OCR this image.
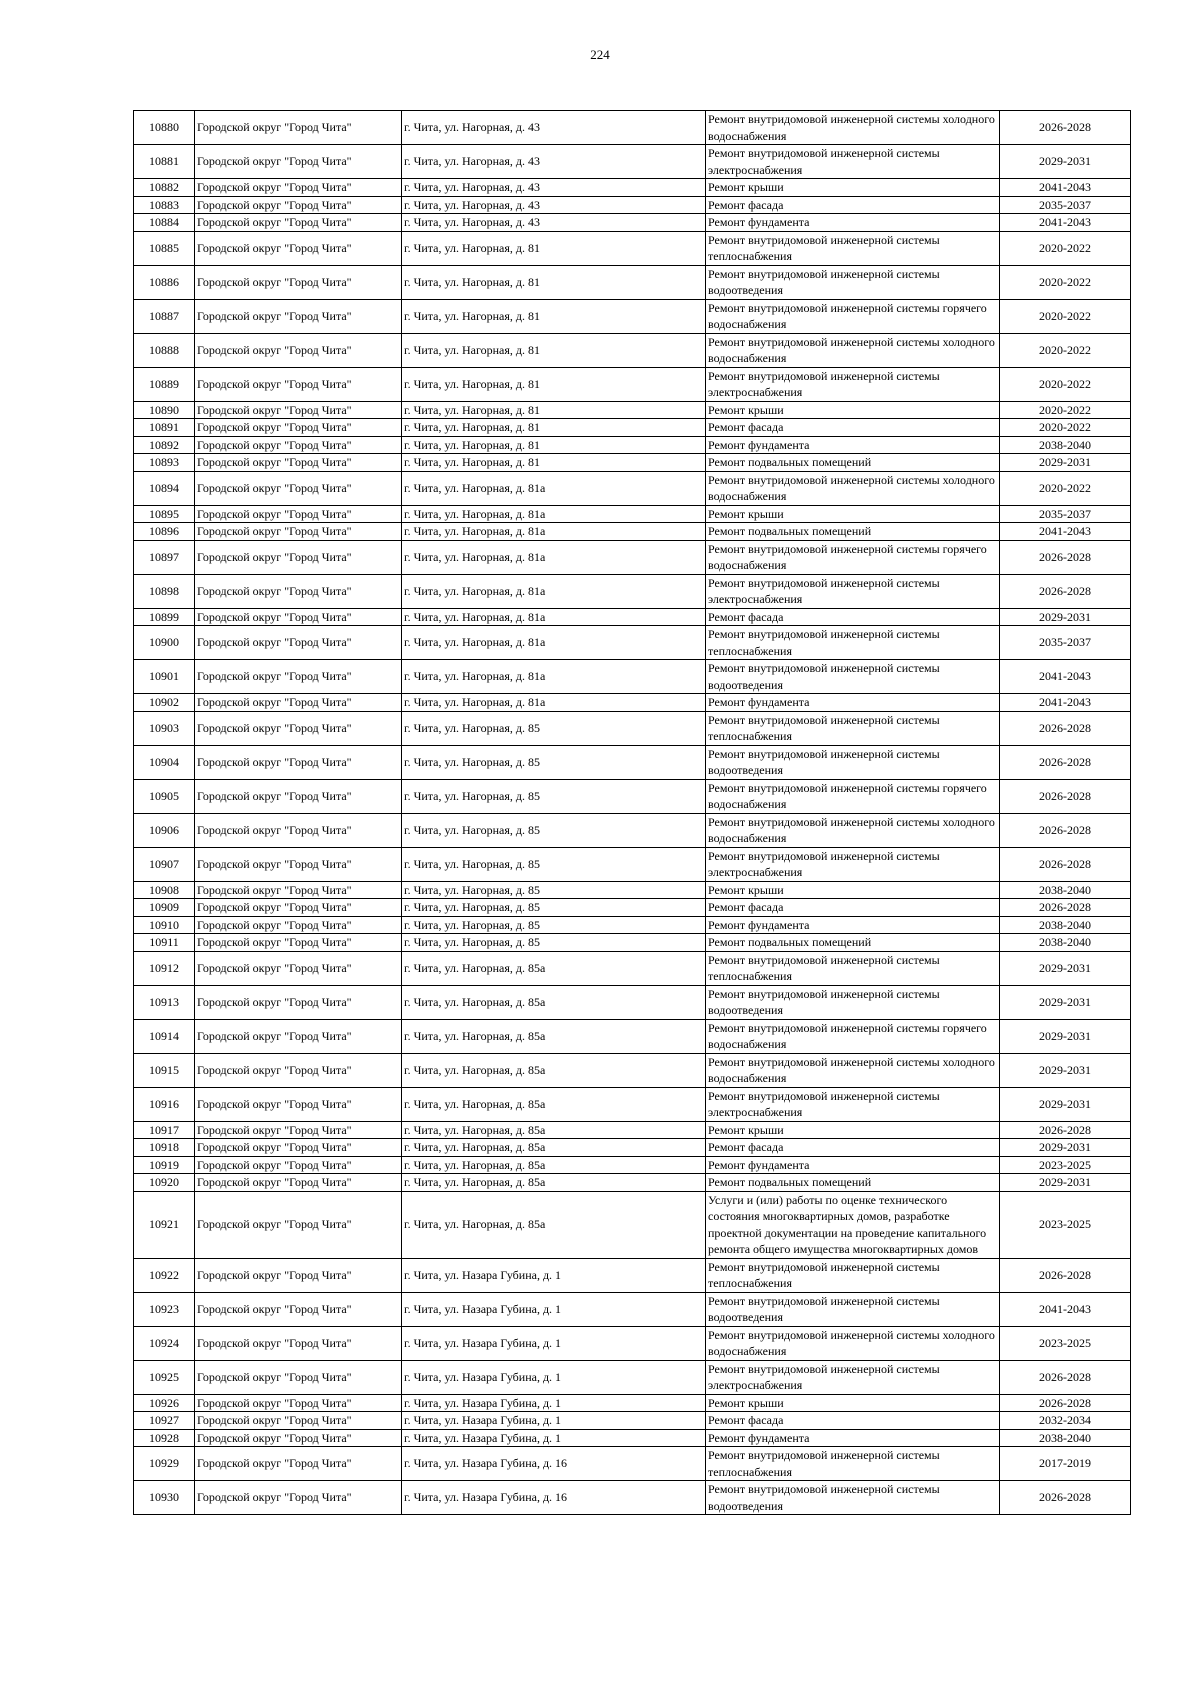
224
10880	Городской округ "Город Чита"	г. Чита, ул. Нагорная, д. 43	Ремонт внутридомовой инженерной системы холодного водоснабжения	2026-2028
10881	Городской округ "Город Чита"	г. Чита, ул. Нагорная, д. 43	Ремонт внутридомовой инженерной системы электроснабжения	2029-2031
10882	Городской округ "Город Чита"	г. Чита, ул. Нагорная, д. 43	Ремонт крыши	2041-2043
10883	Городской округ "Город Чита"	г. Чита, ул. Нагорная, д. 43	Ремонт фасада	2035-2037
10884	Городской округ "Город Чита"	г. Чита, ул. Нагорная, д. 43	Ремонт фундамента	2041-2043
10885	Городской округ "Город Чита"	г. Чита, ул. Нагорная, д. 81	Ремонт внутридомовой инженерной системы теплоснабжения	2020-2022
10886	Городской округ "Город Чита"	г. Чита, ул. Нагорная, д. 81	Ремонт внутридомовой инженерной системы водоотведения	2020-2022
10887	Городской округ "Город Чита"	г. Чита, ул. Нагорная, д. 81	Ремонт внутридомовой инженерной системы горячего водоснабжения	2020-2022
10888	Городской округ "Город Чита"	г. Чита, ул. Нагорная, д. 81	Ремонт внутридомовой инженерной системы холодного водоснабжения	2020-2022
10889	Городской округ "Город Чита"	г. Чита, ул. Нагорная, д. 81	Ремонт внутридомовой инженерной системы электроснабжения	2020-2022
10890	Городской округ "Город Чита"	г. Чита, ул. Нагорная, д. 81	Ремонт крыши	2020-2022
10891	Городской округ "Город Чита"	г. Чита, ул. Нагорная, д. 81	Ремонт фасада	2020-2022
10892	Городской округ "Город Чита"	г. Чита, ул. Нагорная, д. 81	Ремонт фундамента	2038-2040
10893	Городской округ "Город Чита"	г. Чита, ул. Нагорная, д. 81	Ремонт подвальных помещений	2029-2031
10894	Городской округ "Город Чита"	г. Чита, ул. Нагорная, д. 81а	Ремонт внутридомовой инженерной системы холодного водоснабжения	2020-2022
10895	Городской округ "Город Чита"	г. Чита, ул. Нагорная, д. 81а	Ремонт крыши	2035-2037
10896	Городской округ "Город Чита"	г. Чита, ул. Нагорная, д. 81а	Ремонт подвальных помещений	2041-2043
10897	Городской округ "Город Чита"	г. Чита, ул. Нагорная, д. 81а	Ремонт внутридомовой инженерной системы горячего водоснабжения	2026-2028
10898	Городской округ "Город Чита"	г. Чита, ул. Нагорная, д. 81а	Ремонт внутридомовой инженерной системы электроснабжения	2026-2028
10899	Городской округ "Город Чита"	г. Чита, ул. Нагорная, д. 81а	Ремонт фасада	2029-2031
10900	Городской округ "Город Чита"	г. Чита, ул. Нагорная, д. 81а	Ремонт внутридомовой инженерной системы теплоснабжения	2035-2037
10901	Городской округ "Город Чита"	г. Чита, ул. Нагорная, д. 81а	Ремонт внутридомовой инженерной системы водоотведения	2041-2043
10902	Городской округ "Город Чита"	г. Чита, ул. Нагорная, д. 81а	Ремонт фундамента	2041-2043
10903	Городской округ "Город Чита"	г. Чита, ул. Нагорная, д. 85	Ремонт внутридомовой инженерной системы теплоснабжения	2026-2028
10904	Городской округ "Город Чита"	г. Чита, ул. Нагорная, д. 85	Ремонт внутридомовой инженерной системы водоотведения	2026-2028
10905	Городской округ "Город Чита"	г. Чита, ул. Нагорная, д. 85	Ремонт внутридомовой инженерной системы горячего водоснабжения	2026-2028
10906	Городской округ "Город Чита"	г. Чита, ул. Нагорная, д. 85	Ремонт внутридомовой инженерной системы холодного водоснабжения	2026-2028
10907	Городской округ "Город Чита"	г. Чита, ул. Нагорная, д. 85	Ремонт внутридомовой инженерной системы электроснабжения	2026-2028
10908	Городской округ "Город Чита"	г. Чита, ул. Нагорная, д. 85	Ремонт крыши	2038-2040
10909	Городской округ "Город Чита"	г. Чита, ул. Нагорная, д. 85	Ремонт фасада	2026-2028
10910	Городской округ "Город Чита"	г. Чита, ул. Нагорная, д. 85	Ремонт фундамента	2038-2040
10911	Городской округ "Город Чита"	г. Чита, ул. Нагорная, д. 85	Ремонт подвальных помещений	2038-2040
10912	Городской округ "Город Чита"	г. Чита, ул. Нагорная, д. 85а	Ремонт внутридомовой инженерной системы теплоснабжения	2029-2031
10913	Городской округ "Город Чита"	г. Чита, ул. Нагорная, д. 85а	Ремонт внутридомовой инженерной системы водоотведения	2029-2031
10914	Городской округ "Город Чита"	г. Чита, ул. Нагорная, д. 85а	Ремонт внутридомовой инженерной системы горячего водоснабжения	2029-2031
10915	Городской округ "Город Чита"	г. Чита, ул. Нагорная, д. 85а	Ремонт внутридомовой инженерной системы холодного водоснабжения	2029-2031
10916	Городской округ "Город Чита"	г. Чита, ул. Нагорная, д. 85а	Ремонт внутридомовой инженерной системы электроснабжения	2029-2031
10917	Городской округ "Город Чита"	г. Чита, ул. Нагорная, д. 85а	Ремонт крыши	2026-2028
10918	Городской округ "Город Чита"	г. Чита, ул. Нагорная, д. 85а	Ремонт фасада	2029-2031
10919	Городской округ "Город Чита"	г. Чита, ул. Нагорная, д. 85а	Ремонт фундамента	2023-2025
10920	Городской округ "Город Чита"	г. Чита, ул. Нагорная, д. 85а	Ремонт подвальных помещений	2029-2031
10921	Городской округ "Город Чита"	г. Чита, ул. Нагорная, д. 85а	Услуги и (или) работы по оценке технического состояния многоквартирных домов, разработке проектной документации на проведение капитального ремонта общего имущества многоквартирных домов	2023-2025
10922	Городской округ "Город Чита"	г. Чита, ул. Назара Губина, д. 1	Ремонт внутридомовой инженерной системы теплоснабжения	2026-2028
10923	Городской округ "Город Чита"	г. Чита, ул. Назара Губина, д. 1	Ремонт внутридомовой инженерной системы водоотведения	2041-2043
10924	Городской округ "Город Чита"	г. Чита, ул. Назара Губина, д. 1	Ремонт внутридомовой инженерной системы холодного водоснабжения	2023-2025
10925	Городской округ "Город Чита"	г. Чита, ул. Назара Губина, д. 1	Ремонт внутридомовой инженерной системы электроснабжения	2026-2028
10926	Городской округ "Город Чита"	г. Чита, ул. Назара Губина, д. 1	Ремонт крыши	2026-2028
10927	Городской округ "Город Чита"	г. Чита, ул. Назара Губина, д. 1	Ремонт фасада	2032-2034
10928	Городской округ "Город Чита"	г. Чита, ул. Назара Губина, д. 1	Ремонт фундамента	2038-2040
10929	Городской округ "Город Чита"	г. Чита, ул. Назара Губина, д. 16	Ремонт внутридомовой инженерной системы теплоснабжения	2017-2019
10930	Городской округ "Город Чита"	г. Чита, ул. Назара Губина, д. 16	Ремонт внутридомовой инженерной системы водоотведения	2026-2028
